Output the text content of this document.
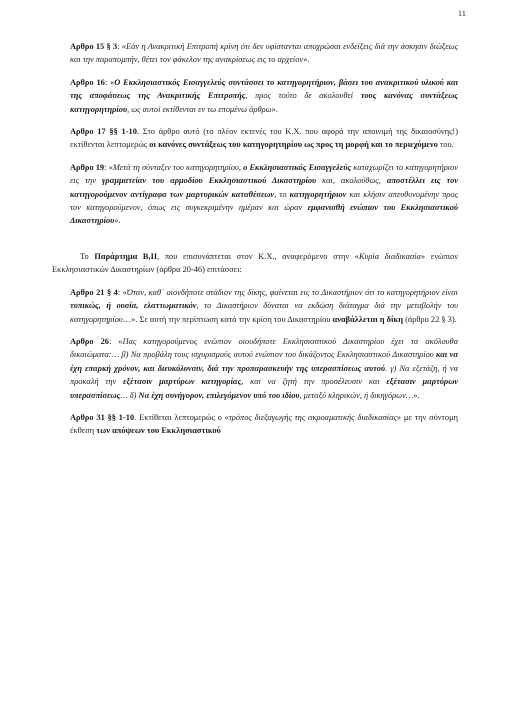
11

Αρθρο 15 § 3: «Εάν η Ανακριτική Επιτροπή κρίνη ότι δεν υφίστανται αποχρώσαι ενδείξεις διά την άσκησιν διώξεως και την παραπομπήν, θέτει τον φάκελον της ανακρίσεως εις το αρχείον».

Αρθρο 16: «Ο Εκκλησιαστικός Εισαγγελεύς συντάσσει το κατηγορητήριον, βάσει του ανακριτικού υλικού και της αποφάσεως της Ανακριτικής Επιτροπής, προς τούτο δε ακολουθεί τους κανόνας συντάξεως κατηγορητηρίου, ως αυτοί εκτίθενται εν τω επομένω άρθρω».

Αρθρο 17 §§ 1-10. Στο άρθρο αυτό (το πλέον εκτενές του Κ.Χ. που αφορά την αποινιμή της δικαιοσύνης!) εκτίθενται λεπτομερώς οι κανόνες συντάξεως του κατηγορητηρίου ως προς τη μορφή και το περιεχόμενο του.

Αρθρο 19: «Μετά τη σύνταξιν του κατηγορητηρίου, ο Εκκλησιαστικός Εισαγγελεύς καταχωρίζει το κατηγορητήριον εις την γραμματείαν του αρμοδίου Εκκλησιαστικού Δικαστηρίου και, ακολούθως, αποστέλλει εις τον κατηγορούμενον αντίγραφα των μαρτυρικών καταθέσεων, το κατηγορητήριον και κλήσιν απευθυνομένην προς τον κατηγορούμενον, όπως εις συγκεκριμένην ημέραν και ώραν εμφανισθή ενώπιον του Εκκλησιαστικού Δικαστηρίου».

Το Παράρτημα Β,ΙΙ, που επισυνάπτεται στον Κ.Χ., αναφερόμενο στην «Κυρία διαδικασία» ενώπιον Εκκλησιαστικών Δικαστηρίων (άρθρα 20-46) επιτάσσει:

Αρθρο 21 § 4: «Όταν, καθ᾿ οιονδήποτε στάδιον της δίκης, φαίνεται εις το Δικαστήριον ότι το κατηγορητήριον είναι τυπικώς, ή ουσία, ελαττωματικόν, το Δικαστήριον δύναται να εκδώση διάταγμα διά την μεταβολήν του κατηγορητηρίου…». Σε αυτή την περίπτωση κατά την κρίση του Δικαστηρίου αναβάλλεται η δίκη (άρθρο 22 § 3).

Αρθρο 26: «Πας κατηγορούμενος ενώπιον οιουδήποτε Εκκλησιαστικού Δικαστηρίου έχει τα ακόλουθα δικαιώματα:… β) Να προβάλη τους ισχυρισμούς αυτού ενώπιον του δικάζοντος Εκκλησιαστικού Δικαστηρίου και να έχη επαρκή χρόνον, και διευκόλυνσιν, διά την προπαρασκευήν της υπερασπίσεως αυτού. γ) Να εξετάζη, ή να προκαλή την εξέτασιν μαρτύρων κατηγορίας, και να ζητή την προσέλευσιν και εξέτασιν μαρτύρων υπερασπίσεως… δ) Να έχη συνήγορον, επιλεγόμενον υπό του ιδίου, μεταξύ κληρικών, ή δικηγόρων…».

Αρθρο 31 §§ 1-10. Εκτίθεται λεπτομερώς ο «τρόπος διεξαγωγής της ακροαματικής διαδικασίας» με την σύντομη έκθεση των απόψεων του Εκκλησιαστικού
